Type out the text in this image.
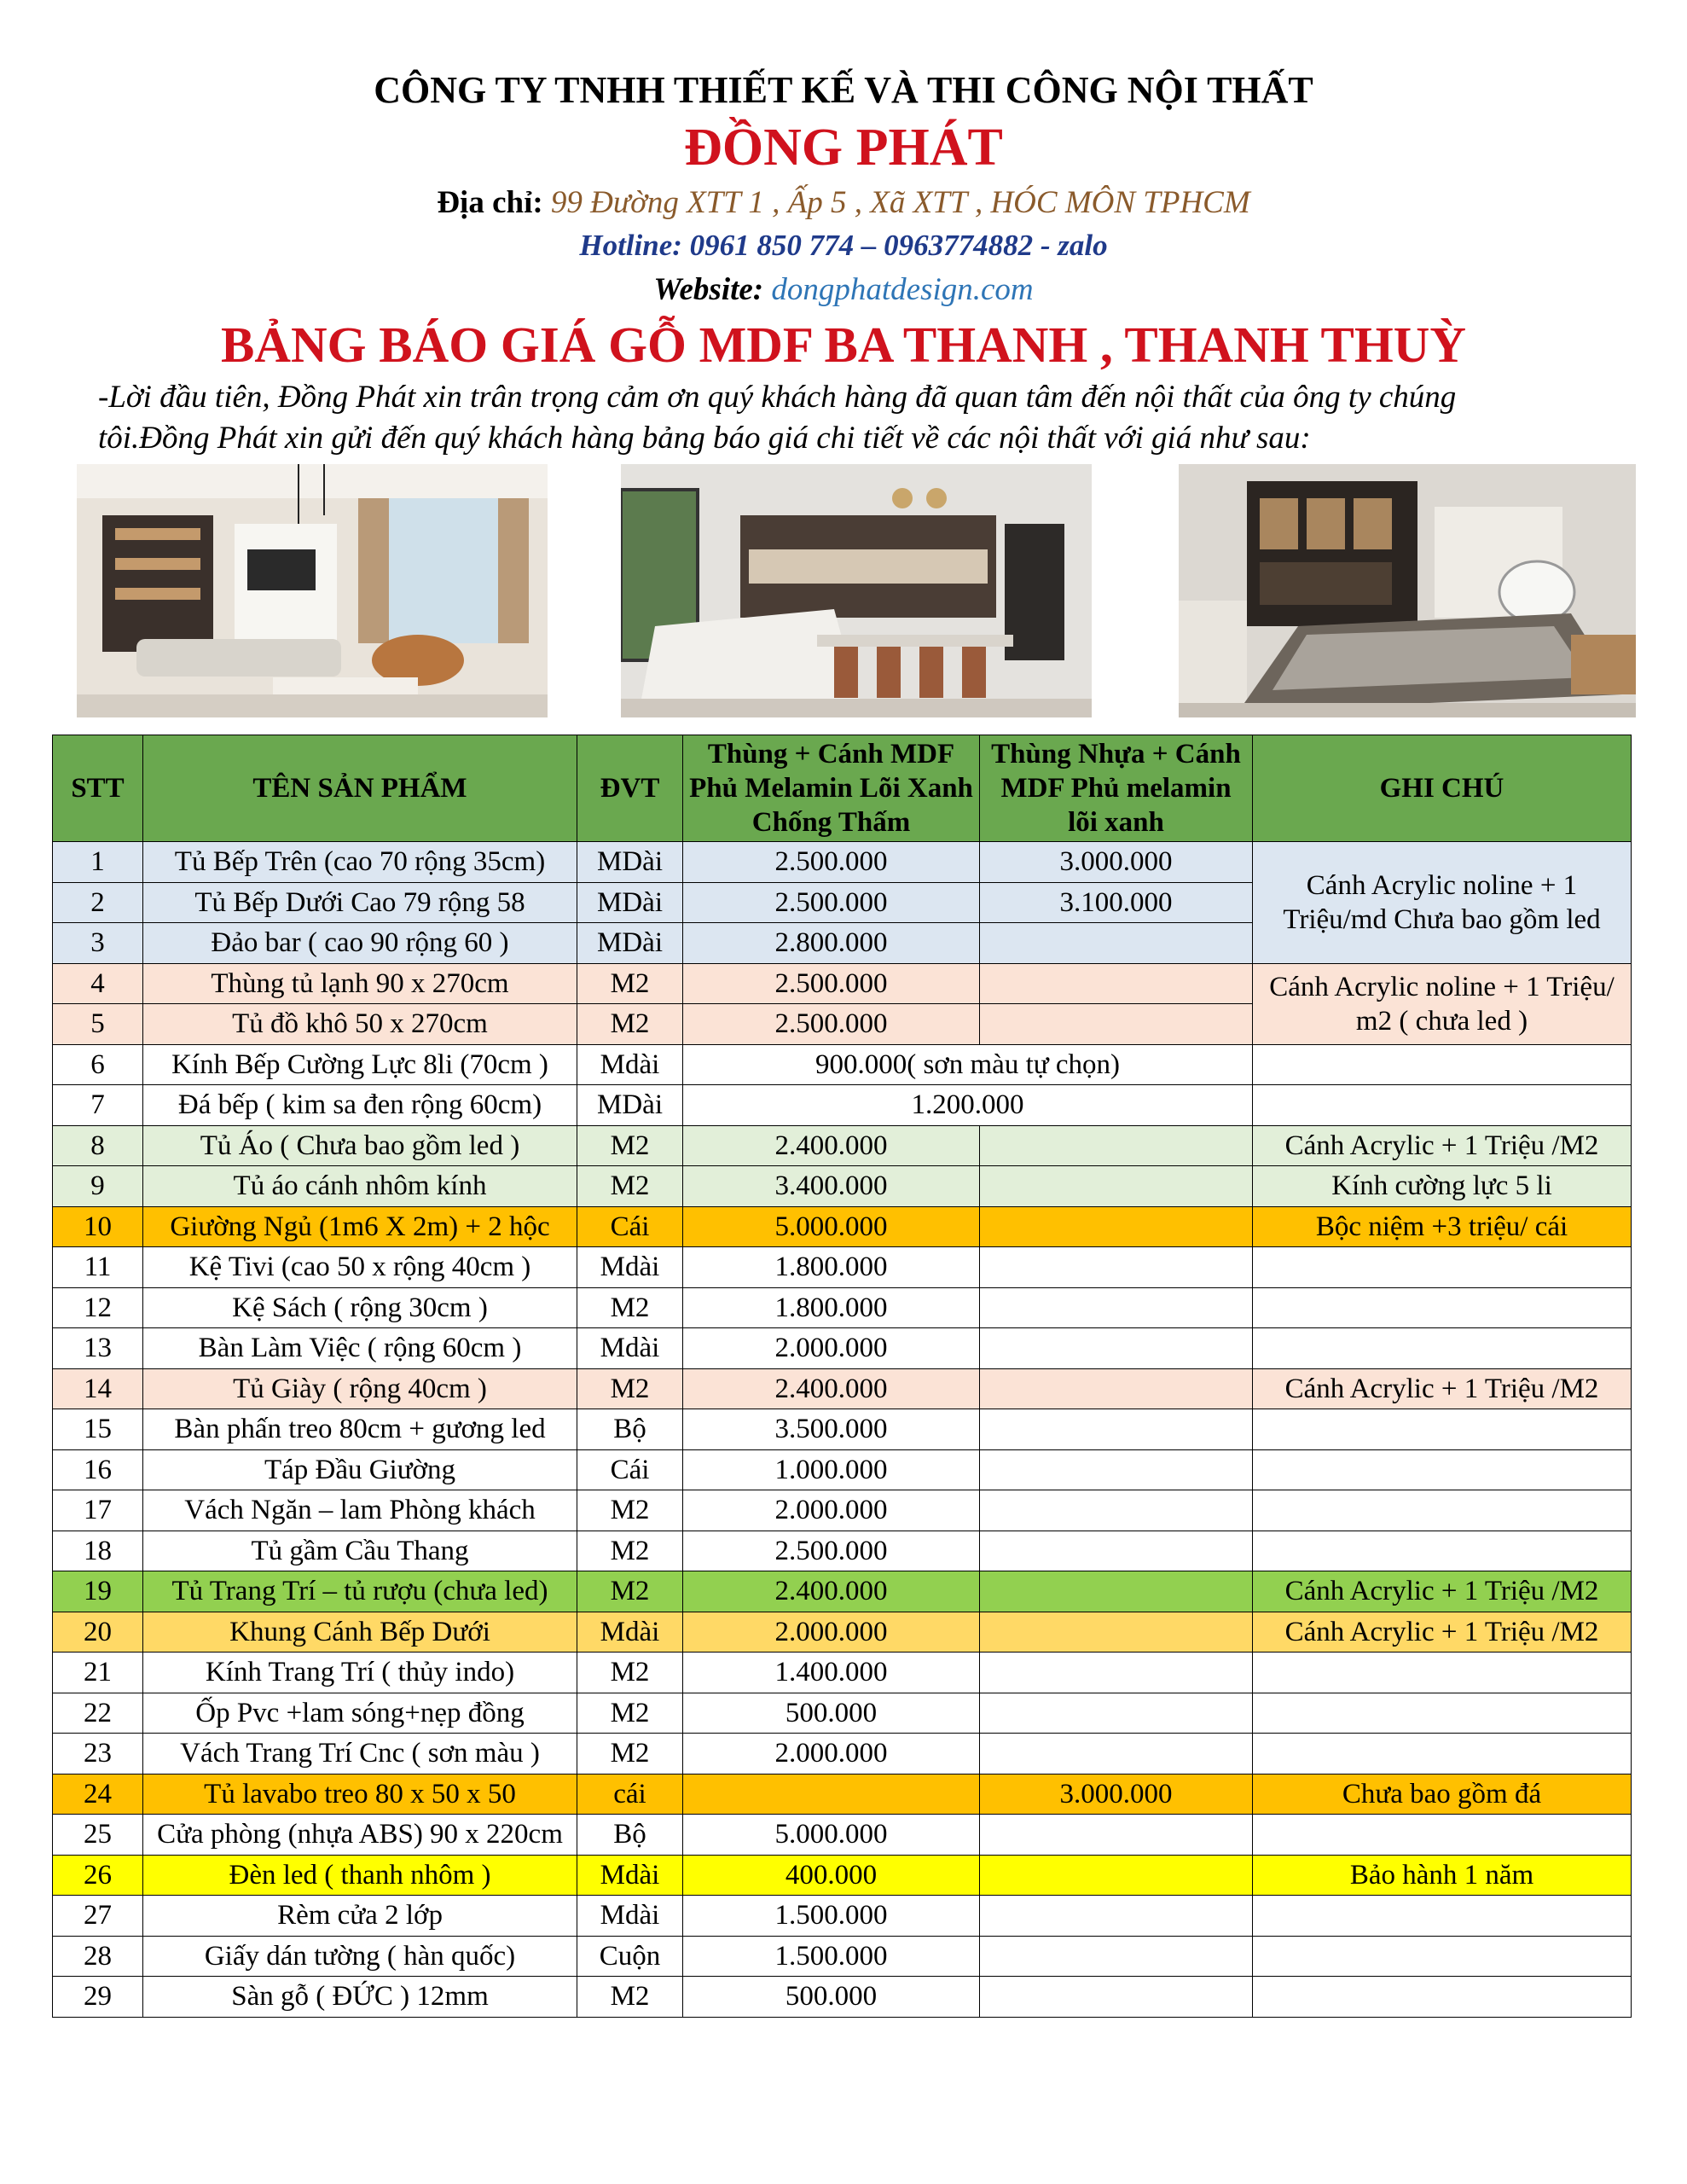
CÔNG TY TNHH THIẾT KẾ VÀ THI CÔNG NỘI THẤT
ĐỒNG PHÁT
Địa chỉ: 99 Đường XTT 1 , Ấp 5 , Xã XTT , HÓC MÔN TPHCM
Hotline: 0961 850 774 – 0963774882 - zalo
Website: dongphatdesign.com
BẢNG BÁO GIÁ GỖ MDF BA THANH , THANH THUỲ
-Lời đầu tiên, Đồng Phát xin trân trọng cảm ơn quý khách hàng đã quan tâm đến nội thất của ông ty chúng
tôi.Đồng Phát xin gửi đến quý khách hàng bảng báo giá chi tiết về các nội thất với giá như sau:
STT	TÊN SẢN PHẨM	ĐVT	Thùng + Cánh MDF Phủ Melamin Lõi Xanh Chống Thấm	Thùng Nhựa + Cánh MDF Phủ melamin lõi xanh	GHI CHÚ
1	Tủ Bếp Trên (cao 70 rộng 35cm)	MDài	2.500.000	3.000.000	Cánh Acrylic noline + 1 Triệu/md Chưa bao gồm led
2	Tủ Bếp Dưới Cao 79 rộng 58	MDài	2.500.000	3.100.000	
3	Đảo bar ( cao 90 rộng 60 )	MDài	2.800.000		
4	Thùng tủ lạnh 90 x 270cm	M2	2.500.000		Cánh Acrylic noline + 1 Triệu/ m2 ( chưa led )
5	Tủ đồ khô 50 x 270cm	M2	2.500.000		
6	Kính Bếp Cường Lực 8li (70cm )	Mdài	900.000( sơn màu tự chọn)		
7	Đá bếp ( kim sa đen rộng 60cm)	MDài	1.200.000		
8	Tủ Áo ( Chưa bao gồm led )	M2	2.400.000		Cánh Acrylic + 1 Triệu /M2
9	Tủ áo cánh nhôm kính	M2	3.400.000		Kính cường lực 5 li
10	Giường Ngủ (1m6 X 2m) + 2 hộc	Cái	5.000.000		Bộc niệm +3 triệu/ cái
11	Kệ Tivi (cao 50 x rộng 40cm )	Mdài	1.800.000		
12	Kệ Sách ( rộng 30cm )	M2	1.800.000		
13	Bàn Làm Việc ( rộng 60cm )	Mdài	2.000.000		
14	Tủ Giày ( rộng 40cm )	M2	2.400.000		Cánh Acrylic + 1 Triệu /M2
15	Bàn phấn treo 80cm + gương led	Bộ	3.500.000		
16	Táp Đầu Giường	Cái	1.000.000		
17	Vách Ngăn – lam Phòng khách	M2	2.000.000		
18	Tủ gầm Cầu Thang	M2	2.500.000		
19	Tủ Trang Trí – tủ rượu (chưa led)	M2	2.400.000		Cánh Acrylic + 1 Triệu /M2
20	Khung Cánh Bếp Dưới	Mdài	2.000.000		Cánh Acrylic + 1 Triệu /M2
21	Kính Trang Trí ( thủy indo)	M2	1.400.000		
22	Ốp Pvc +lam sóng+nẹp đồng	M2	500.000		
23	Vách Trang Trí Cnc ( sơn màu )	M2	2.000.000		
24	Tủ lavabo treo 80 x 50 x 50	cái		3.000.000	Chưa bao gồm đá
25	Cửa phòng (nhựa ABS) 90 x 220cm	Bộ	5.000.000		
26	Đèn led ( thanh nhôm )	Mdài	400.000		Bảo hành 1 năm
27	Rèm cửa 2 lớp	Mdài	1.500.000		
28	Giấy dán tường ( hàn quốc)	Cuộn	1.500.000		
29	Sàn gỗ ( ĐỨC ) 12mm	M2	500.000		
